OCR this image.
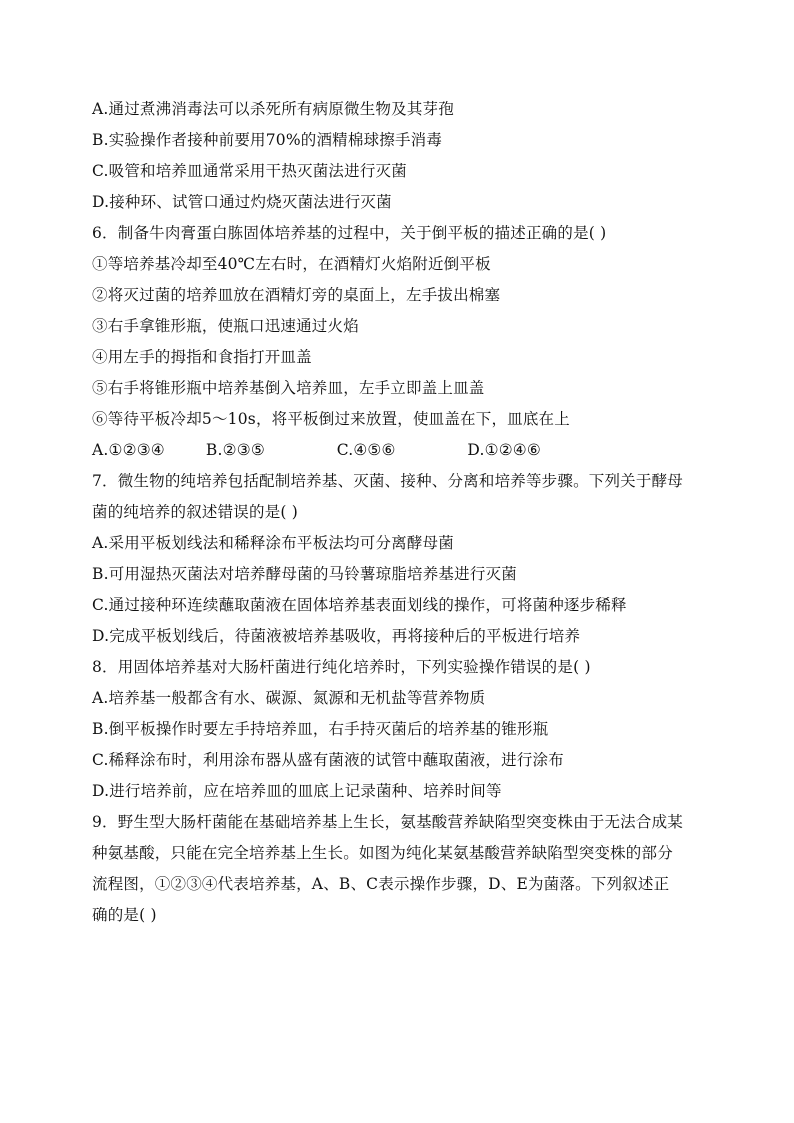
A.通过煮沸消毒法可以杀死所有病原微生物及其芽孢
B.实验操作者接种前要用70%的酒精棉球擦手消毒
C.吸管和培养皿通常采用干热灭菌法进行灭菌
D.接种环、试管口通过灼烧灭菌法进行灭菌
6．制备牛肉膏蛋白胨固体培养基的过程中，关于倒平板的描述正确的是( )
①等培养基冷却至40℃左右时，在酒精灯火焰附近倒平板
②将灭过菌的培养皿放在酒精灯旁的桌面上，左手拔出棉塞
③右手拿锥形瓶，使瓶口迅速通过火焰
④用左手的拇指和食指打开皿盖
⑤右手将锥形瓶中培养基倒入培养皿，左手立即盖上皿盖
⑥等待平板冷却5～10s，将平板倒过来放置，使皿盖在下，皿底在上
A.①②③④        B.②③⑤              C.④⑤⑥              D.①②④⑥
7．微生物的纯培养包括配制培养基、灭菌、接种、分离和培养等步骤。下列关于酵母
菌的纯培养的叙述错误的是( )
A.采用平板划线法和稀释涂布平板法均可分离酵母菌
B.可用湿热灭菌法对培养酵母菌的马铃薯琼脂培养基进行灭菌
C.通过接种环连续蘸取菌液在固体培养基表面划线的操作，可将菌种逐步稀释
D.完成平板划线后，待菌液被培养基吸收，再将接种后的平板进行培养
8．用固体培养基对大肠杆菌进行纯化培养时，下列实验操作错误的是( )
A.培养基一般都含有水、碳源、氮源和无机盐等营养物质
B.倒平板操作时要左手持培养皿，右手持灭菌后的培养基的锥形瓶
C.稀释涂布时，利用涂布器从盛有菌液的试管中蘸取菌液，进行涂布
D.进行培养前，应在培养皿的皿底上记录菌种、培养时间等
9．野生型大肠杆菌能在基础培养基上生长，氨基酸营养缺陷型突变株由于无法合成某
种氨基酸，只能在完全培养基上生长。如图为纯化某氨基酸营养缺陷型突变株的部分
流程图，①②③④代表培养基，A、B、C表示操作步骤，D、E为菌落。下列叙述正
确的是( )
